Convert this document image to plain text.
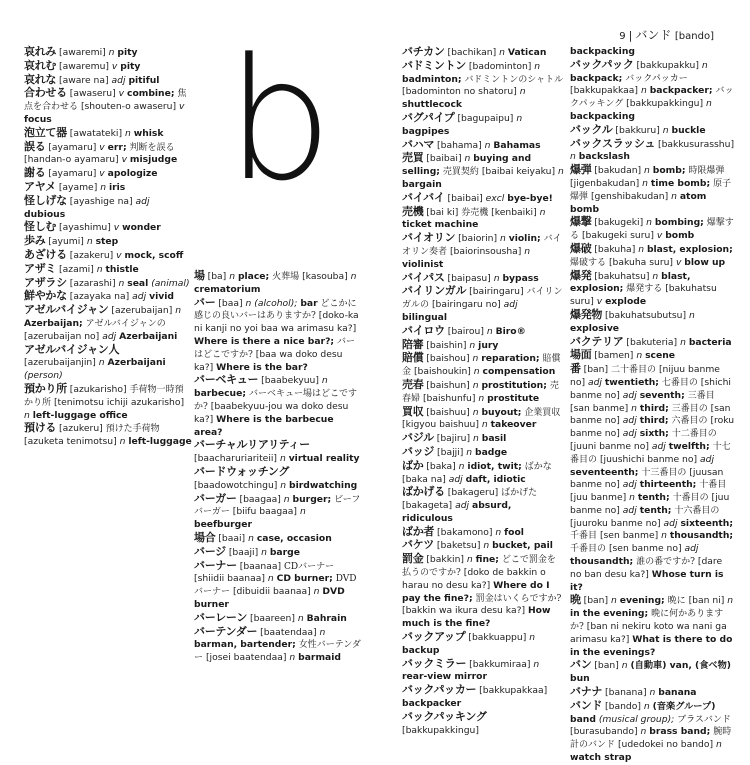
9 | バンド [bando]
b
哀れみ [awaremi] n pity
哀れむ [awaremu] v pity
哀れな [aware na] adj pitiful
合わせる [awaseru] v combine; 焦点を合わせる [shouten-o awaseru] v focus
泡立て器 [awatateki] n whisk
誤る [ayamaru] v err; 判断を誤る [handan-o ayamaru] v misjudge
謝る [ayamaru] v apologize
アヤメ [ayame] n iris
怪しげな [ayashige na] adj dubious
怪しむ [ayashimu] v wonder
歩み [ayumi] n step
あざける [azakeru] v mock, scoff
アザミ [azami] n thistle
アザラシ [azarashi] n seal (animal)
鮮やかな [azayaka na] adj vivid
アゼルバイジャン [azerubaijan] n Azerbaijan; アゼルバイジャンの [azerubaijan no] adj Azerbaijani
アゼルバイジャン人 [azerubaijanjin] n Azerbaijani (person)
預かり所 [azukarisho] 手荷物一時預かり所 [tenimotsu ichiji azukarisho] n left-luggage office
預ける [azukeru] 預けた手荷物 [azuketa tenimotsu] n left-luggage
場 [ba] n place; 火葬場 [kasouba] n crematorium
バー [baa] n (alcohol); bar どこかに感じの良いバーはありますか? [doko-ka ni kanji no yoi baa wa arimasu ka?] Where is there a nice bar?; バーはどこですか? [baa wa doko desu ka?] Where is the bar?
バーベキュー [baabekyuu] n barbecue; バーベキュー場はどこですか? [baabekyuu-jou wa doko desu ka?] Where is the barbecue area?
バーチャルリアリティー [baacharuriariteii] n virtual reality
バードウォッチング [baadowotchingu] n birdwatching
バーガー [baagaa] n burger; ビーフバーガー [biifu baagaa] n beefburger
場合 [baai] n case, occasion
バージ [baaji] n barge
バーナー [baanaa] CDバーナー [shiidii baanaa] n CD burner; DVDバーナー [dibuidii baanaa] n DVD burner
バーレーン [baareen] n Bahrain
バーテンダー [baatendaa] n barman, bartender; 女性バーテンダー [josei baatendaa] n barmaid
バチカン [bachikan] n Vatican
バドミントン [badominton] n badminton; バドミントンのシャトル [badominton no shatoru] n shuttlecock
バグパイプ [bagupaipu] n bagpipes
バハマ [bahama] n Bahamas
売買 [baibai] n buying and selling; 売買契約 [baibai keiyaku] n bargain
バイバイ [baibai] excl bye-bye!
売機 [bai ki] 券売機 [kenbaiki] n ticket machine
バイオリン [baiorin] n violin; バイオリン奏者 [baiorinsousha] n violinist
バイパス [baipasu] n bypass
バイリンガル [bairingaru] バイリンガルの [bairingaru no] adj bilingual
バイロウ [bairou] n Biro®
陪審 [baishin] n jury
賠償 [baishou] n reparation; 賠償金 [baishoukin] n compensation
売春 [baishun] n prostitution; 売春婦 [baishunfu] n prostitute
買収 [baishuu] n buyout; 企業買収 [kigyou baishuu] n takeover
バジル [bajiru] n basil
バッジ [bajji] n badge
ばか [baka] n idiot, twit; ばかな [baka na] adj daft, idiotic
ばかげる [bakageru] ばかげた [bakageta] adj absurd, ridiculous
ばか者 [bakamono] n fool
バケツ [baketsu] n bucket, pail
罰金 [bakkin] n fine; どこで罰金を払うのですか? [doko de bakkin o harau no desu ka?] Where do I pay the fine?; 罰金はいくらですか? [bakkin wa ikura desu ka?] How much is the fine?
バックアップ [bakkuappu] n backup
バックミラー [bakkumiraa] n rear-view mirror
バックパッカー [bakkupakkaa] backpacker
バックパッキング [bakkupakkingu]
backpacking
バックパック [bakkupakku] n backpack; バックパッカー [bakkupakkaa] n backpacker; バックパッキング [bakkupakkingu] n backpacking
バックル [bakkuru] n buckle
バックスラッシュ [bakkusurasshu] n backslash
爆弾 [bakudan] n bomb; 時限爆弾 [jigenbakudan] n time bomb; 原子爆弾 [genshibakudan] n atom bomb
爆撃 [bakugeki] n bombing; 爆撃する [bakugeki suru] v bomb
爆破 [bakuha] n blast, explosion; 爆破する [bakuha suru] v blow up
爆発 [bakuhatsu] n blast, explosion; 爆発する [bakuhatsu suru] v explode
爆発物 [bakuhatsubutsu] n explosive
バクテリア [bakuteria] n bacteria
場面 [bamen] n scene
番 [ban] 二十番目の [nijuu banme no] adj twentieth; 七番目の [shichi banme no] adj seventh; 三番目 [san banme] n third; 三番目の [san banme no] adj third; 六番目の [roku banme no] adj sixth; 十二番目の [juuni banme no] adj twelfth; 十七番目の [juushichi banme no] adj seventeenth; 十三番目の [juusan banme no] adj thirteenth; 十番目 [juu banme] n tenth; 十番目の [juu banme no] adj tenth; 十六番目の [juuroku banme no] adj sixteenth; 千番目 [sen banme] n thousandth; 千番目の [sen banme no] adj thousandth; 誰の番ですか? [dare no ban desu ka?] Whose turn is it?
晩 [ban] n evening; 晩に [ban ni] n in the evening; 晩に何かありますか? [ban ni nekiru koto wa nani ga arimasu ka?] What is there to do in the evenings?
バン [ban] n (自動車) van, (食べ物) bun
バナナ [banana] n banana
バンド [bando] n (音楽グループ) band (musical group); ブラスバンド [burasubando] n brass band; 腕時計のバンド [udedokei no bando] n watch strap
